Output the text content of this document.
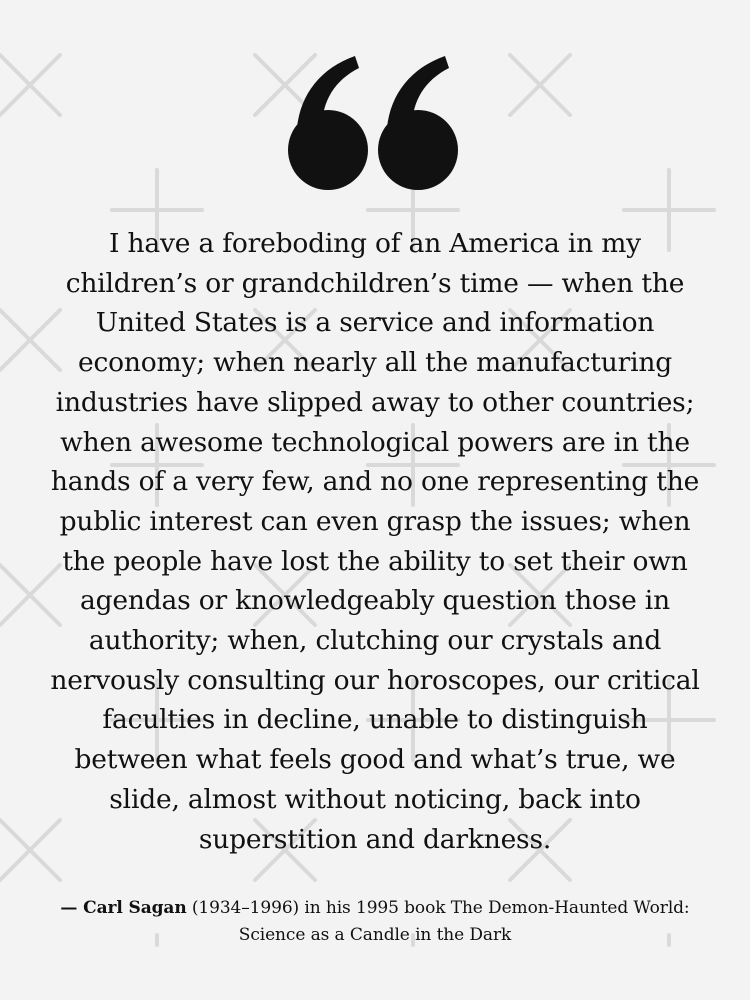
I have a foreboding of an America in my
children’s or grandchildren’s time — when the
United States is a service and information
economy; when nearly all the manufacturing
industries have slipped away to other countries;
when awesome technological powers are in the
hands of a very few, and no one representing the
public interest can even grasp the issues; when
the people have lost the ability to set their own
agendas or knowledgeably question those in
authority; when, clutching our crystals and
nervously consulting our horoscopes, our critical
faculties in decline, unable to distinguish
between what feels good and what’s true, we
slide, almost without noticing, back into
superstition and darkness.

— Carl Sagan (1934–1996) in his 1995 book The Demon-Haunted World:
Science as a Candle in the Dark
